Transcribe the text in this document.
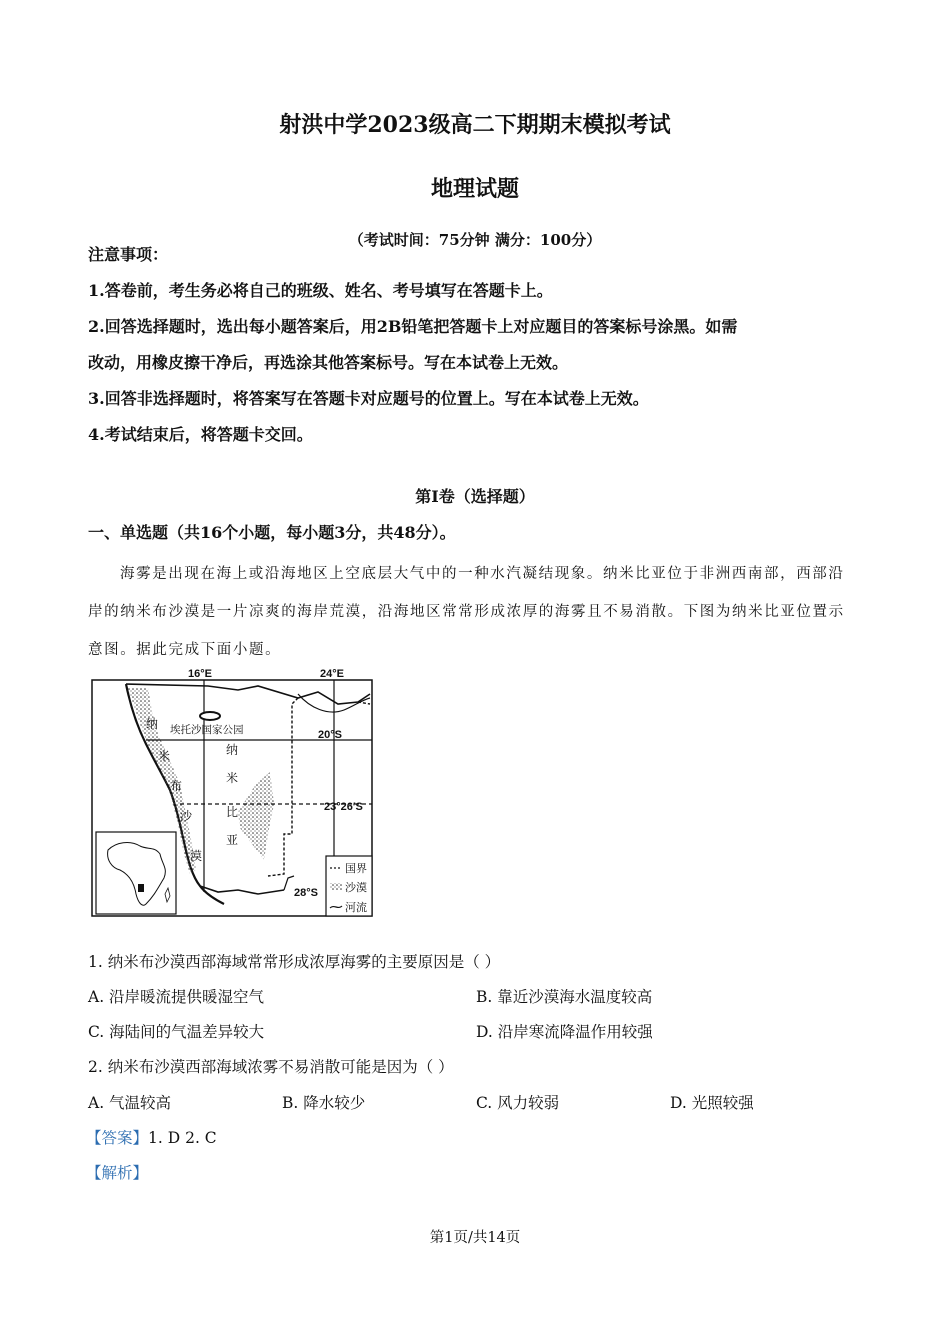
射洪中学2023级高二下期期末模拟考试
地理试题
（考试时间：75分钟 满分：100分）
注意事项：
1.答卷前，考生务必将自己的班级、姓名、考号填写在答题卡上。
2.回答选择题时，选出每小题答案后，用2B铅笔把答题卡上对应题目的答案标号涂黑。如需
改动，用橡皮擦干净后，再选涂其他答案标号。写在本试卷上无效。
3.回答非选择题时，将答案写在答题卡对应题号的位置上。写在本试卷上无效。
4.考试结束后，将答题卡交回。
第I卷（选择题）
一、单选题（共16个小题，每小题3分，共48分）。
海雾是出现在海上或沿海地区上空底层大气中的一种水汽凝结现象。纳米比亚位于非洲西南部，西部沿岸的纳米布沙漠是一片凉爽的海岸荒漠，沿海地区常常形成浓厚的海雾且不易消散。下图为纳米比亚位置示意图。据此完成下面小题。
16°E	24°E
20°S
23°26′S
28°S
埃托沙国家公园
纳
米
布
沙
漠
纳
米
比
亚
国界
沙漠
河流
1. 纳米布沙漠西部海域常常形成浓厚海雾的主要原因是（ ）
A. 沿岸暖流提供暖湿空气	B. 靠近沙漠海水温度较高
C. 海陆间的气温差异较大	D. 沿岸寒流降温作用较强
2. 纳米布沙漠西部海域浓雾不易消散可能是因为（ ）
A. 气温较高	B. 降水较少	C. 风力较弱	D. 光照较强
【答案】1. D 2. C
【解析】
第1页/共14页
